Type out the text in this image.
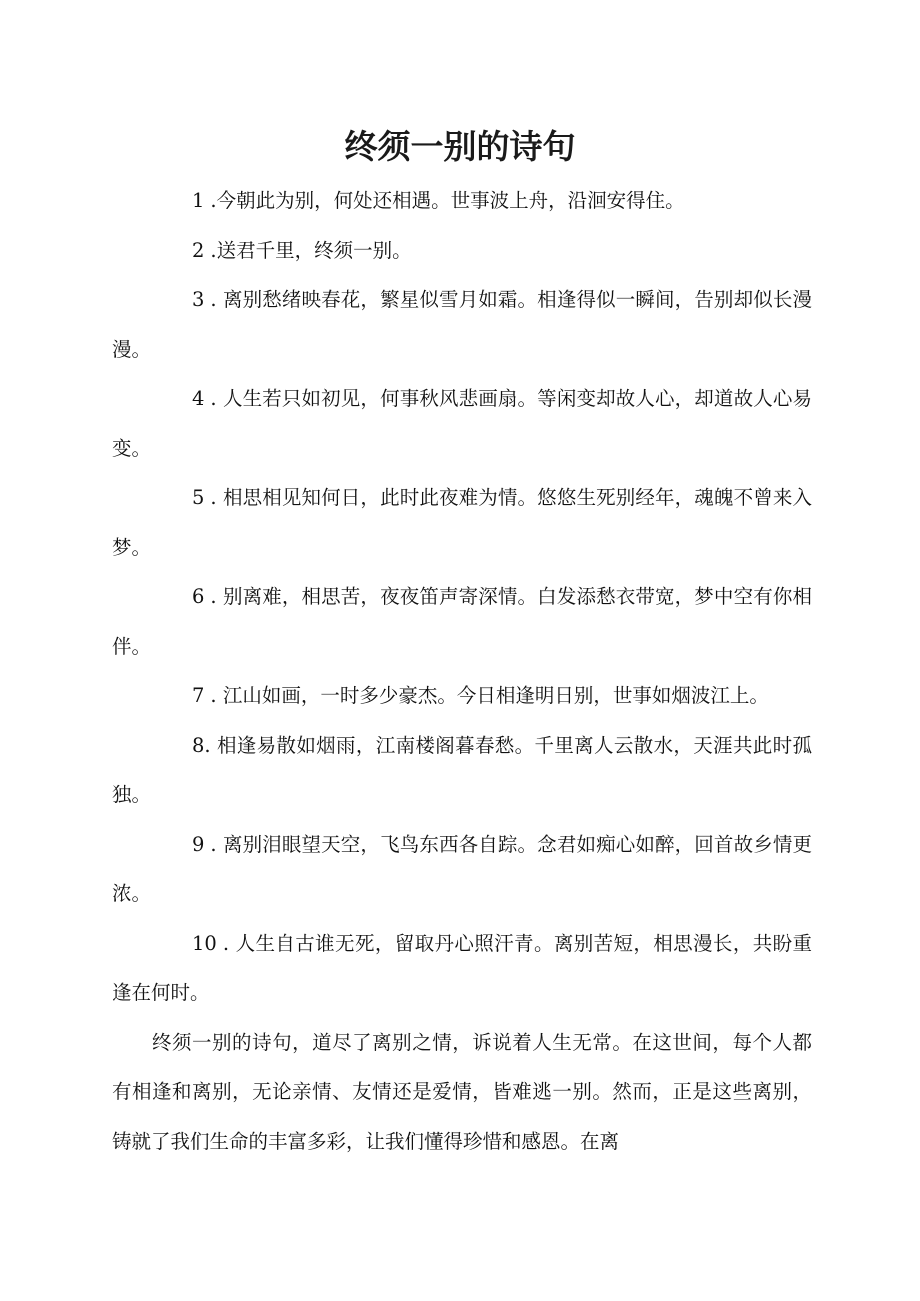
终须一别的诗句

1 .今朝此为别，何处还相遇。世事波上舟，沿洄安得住。

2 .送君千里，终须一别。

3 . 离别愁绪映春花，繁星似雪月如霜。相逢得似一瞬间，告别却似长漫漫。

4 . 人生若只如初见，何事秋风悲画扇。等闲变却故人心，却道故人心易变。

5 . 相思相见知何日，此时此夜难为情。悠悠生死别经年，魂魄不曾来入梦。

6 . 别离难，相思苦，夜夜笛声寄深情。白发添愁衣带宽，梦中空有你相伴。

7 . 江山如画，一时多少豪杰。今日相逢明日别，世事如烟波江上。

8. 相逢易散如烟雨，江南楼阁暮春愁。千里离人云散水，天涯共此时孤独。

9 . 离别泪眼望天空，飞鸟东西各自踪。念君如痴心如醉，回首故乡情更浓。

10 . 人生自古谁无死，留取丹心照汗青。离别苦短，相思漫长，共盼重逢在何时。

终须一别的诗句，道尽了离别之情，诉说着人生无常。在这世间，每个人都有相逢和离别，无论亲情、友情还是爱情，皆难逃一别。然而，正是这些离别，铸就了我们生命的丰富多彩，让我们懂得珍惜和感恩。在离
